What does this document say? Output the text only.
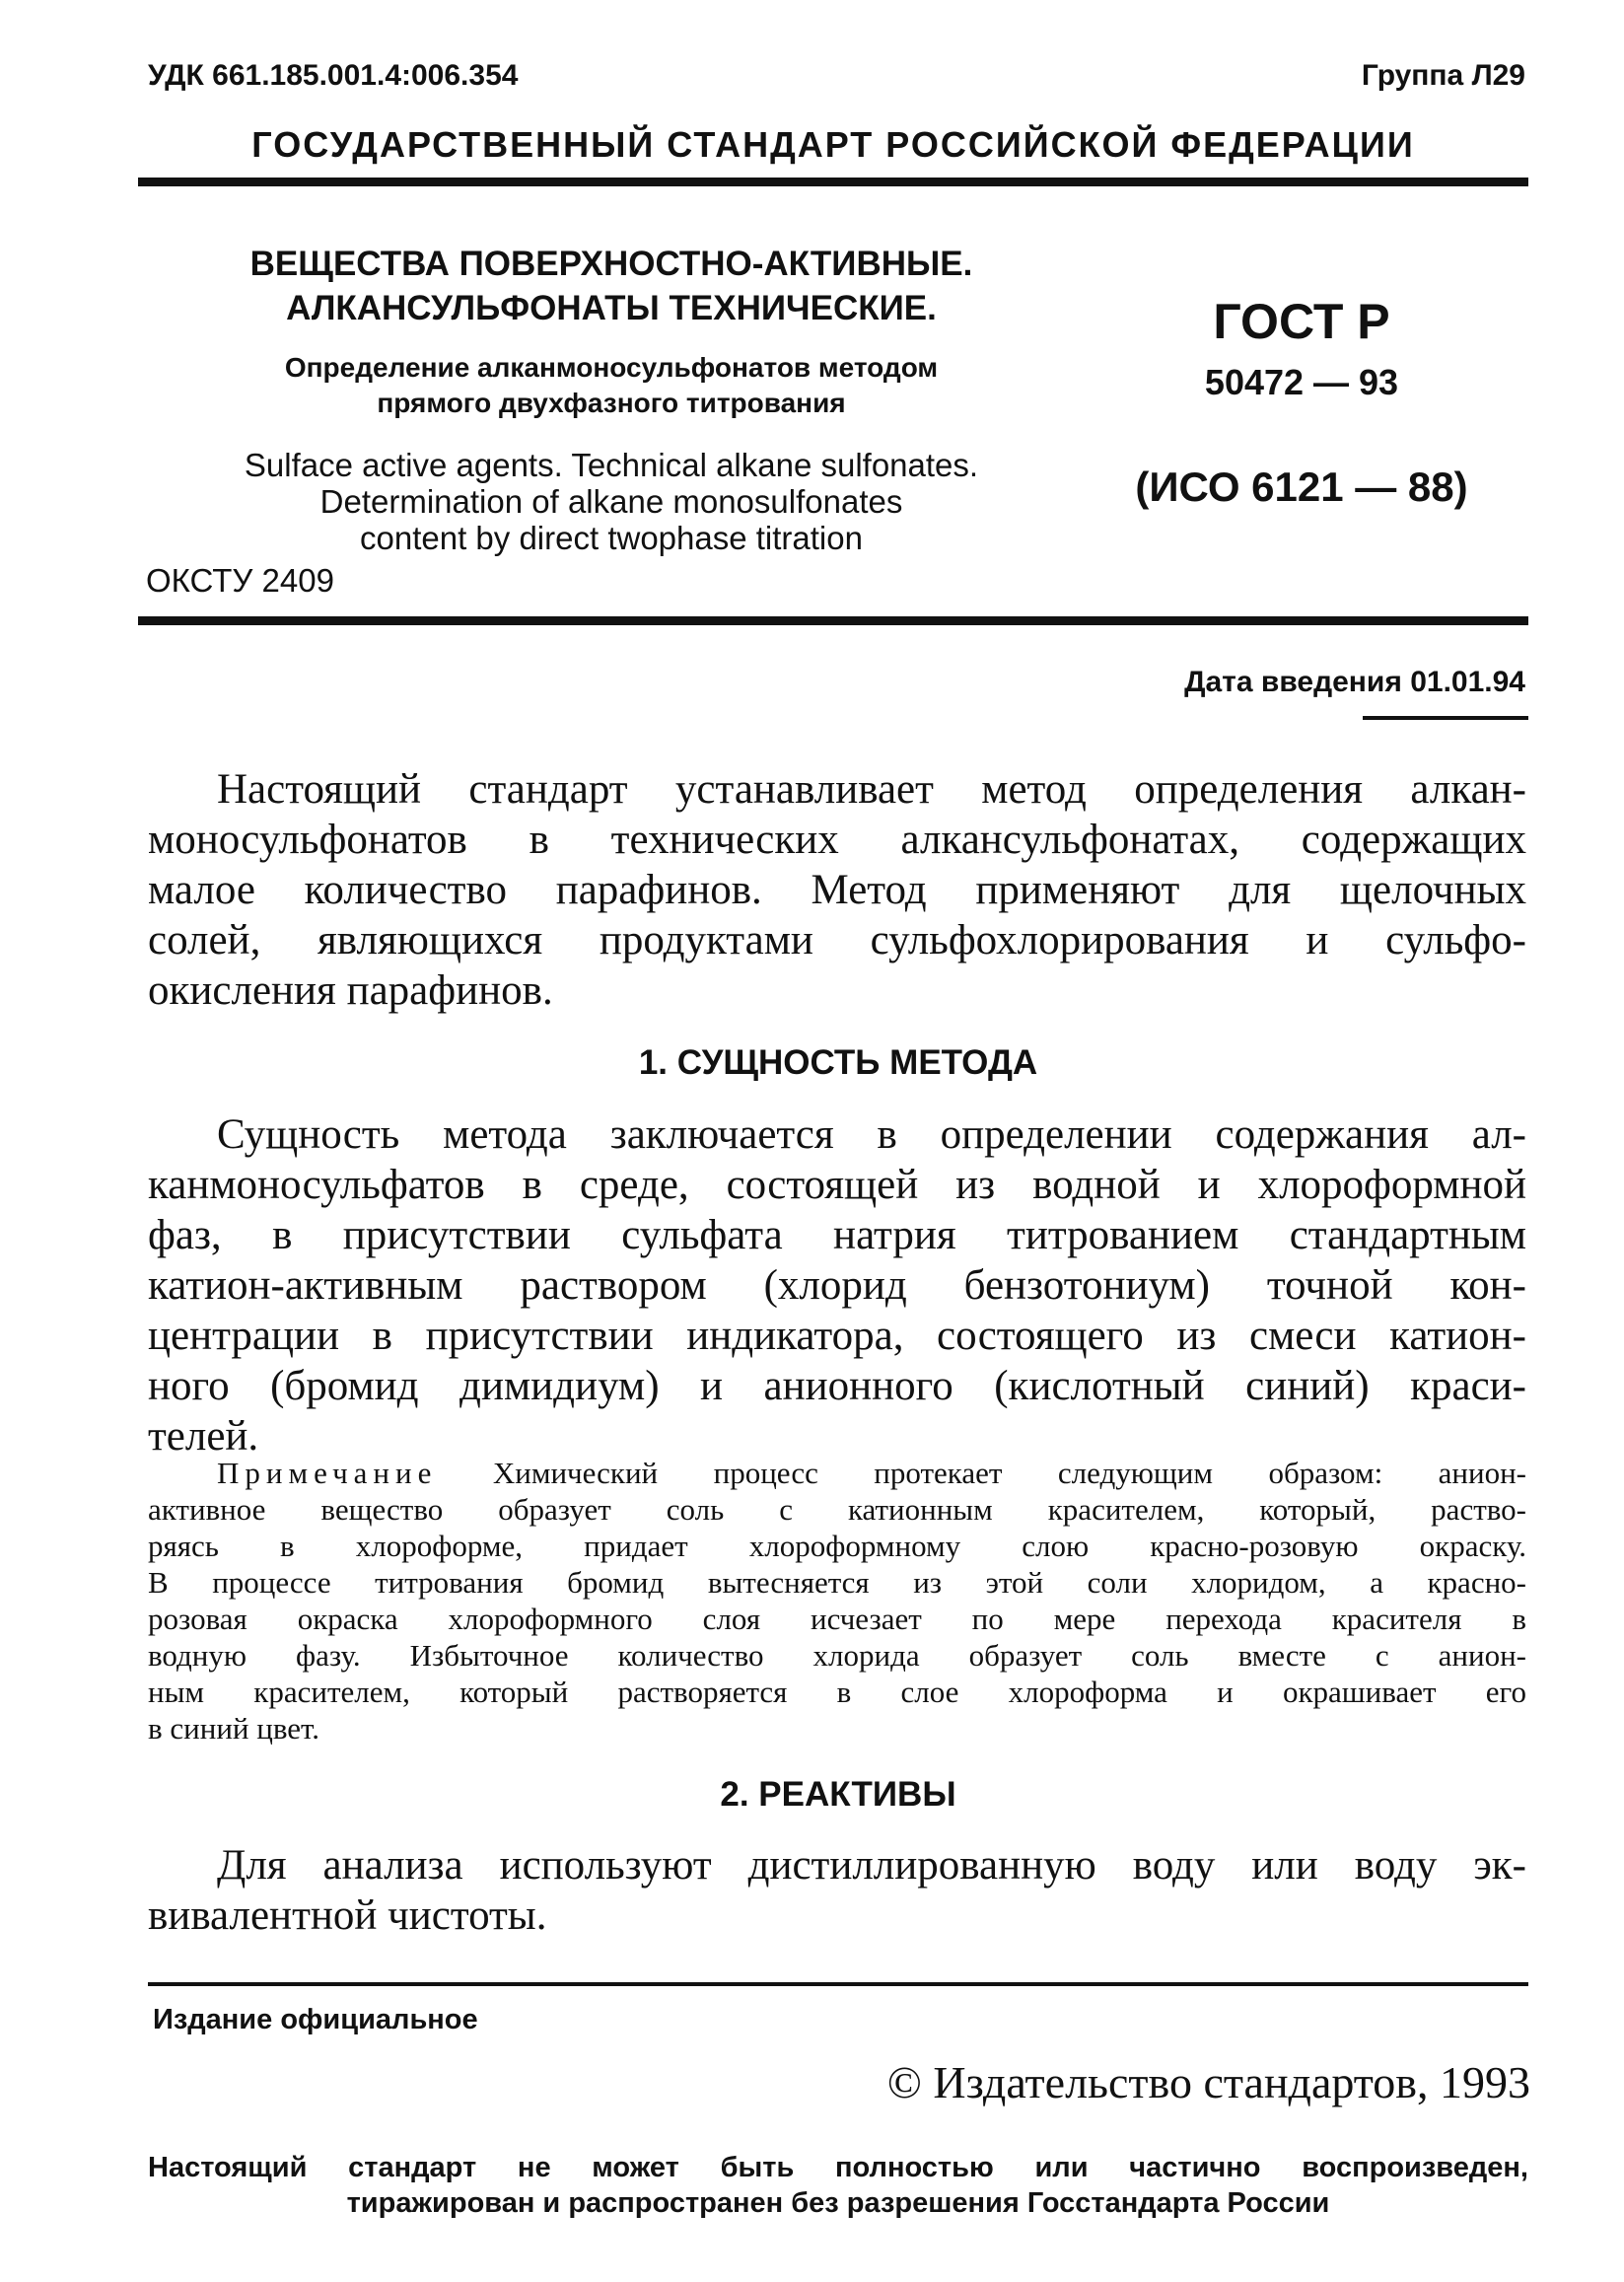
УДК 661.185.001.4:006.354	Группа Л29
ГОСУДАРСТВЕННЫЙ СТАНДАРТ РОССИЙСКОЙ ФЕДЕРАЦИИ
ВЕЩЕСТВА ПОВЕРХНОСТНО-АКТИВНЫЕ.
АЛКАНСУЛЬФОНАТЫ ТЕХНИЧЕСКИЕ.
Определение алканмоносульфонатов методом
прямого двухфазного титрования
Sulface active agents. Technical alkane sulfonates.
Determination of alkane monosulfonates
content by direct twophase titration
ОКСТУ 2409
ГОСТ Р
50472 — 93
(ИСО 6121 — 88)
Дата введения 01.01.94
Настоящий стандарт устанавливает метод определения алкан-
моносульфонатов в технических алкансульфонатах, содержащих
малое количество парафинов. Метод применяют для щелочных
солей, являющихся продуктами сульфохлорирования и сульфо-
окисления парафинов.
1. СУЩНОСТЬ МЕТОДА
Сущность метода заключается в определении содержания ал-
канмоносульфатов в среде, состоящей из водной и хлороформной
фаз, в присутствии сульфата натрия титрованием стандартным
катион-активным раствором (хлорид бензотониум) точной кон-
центрации в присутствии индикатора, состоящего из смеси катион-
ного (бромид димидиум) и анионного (кислотный синий) краси-
телей.
Примечание Химический процесс протекает следующим образом: анион-
активное вещество образует соль с катионным красителем, который, раство-
ряясь в хлороформе, придает хлороформному слою красно-розовую окраску.
В процессе титрования бромид вытесняется из этой соли хлоридом, а красно-
розовая окраска хлороформного слоя исчезает по мере перехода красителя в
водную фазу. Избыточное количество хлорида образует соль вместе с анион-
ным красителем, который растворяется в слое хлороформа и окрашивает его
в синий цвет.
2. РЕАКТИВЫ
Для анализа используют дистиллированную воду или воду эк-
вивалентной чистоты.
Издание официальное
© Издательство стандартов, 1993
Настоящий стандарт не может быть полностью или частично воспроизведен,
тиражирован и распространен без разрешения Госстандарта России
